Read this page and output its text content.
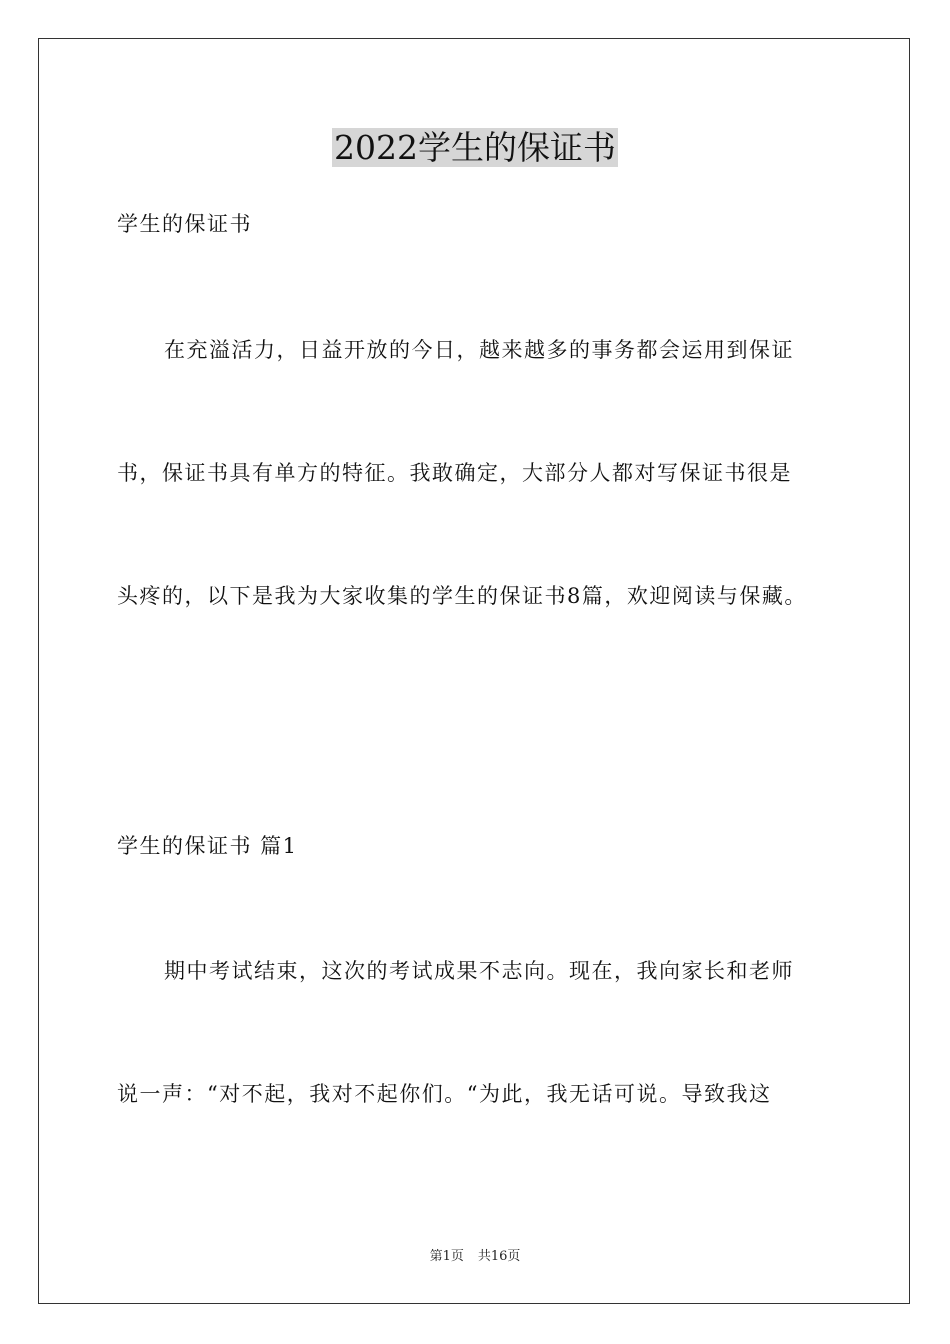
2022学生的保证书
学生的保证书
在充溢活力，日益开放的今日，越来越多的事务都会运用到保证
书，保证书具有单方的特征。我敢确定，大部分人都对写保证书很是
头疼的，以下是我为大家收集的学生的保证书8篇，欢迎阅读与保藏。
学生的保证书 篇1
期中考试结束，这次的考试成果不志向。现在，我向家长和老师
说一声：“对不起，我对不起你们。“为此，我无话可说。导致我这
第1页 共16页
